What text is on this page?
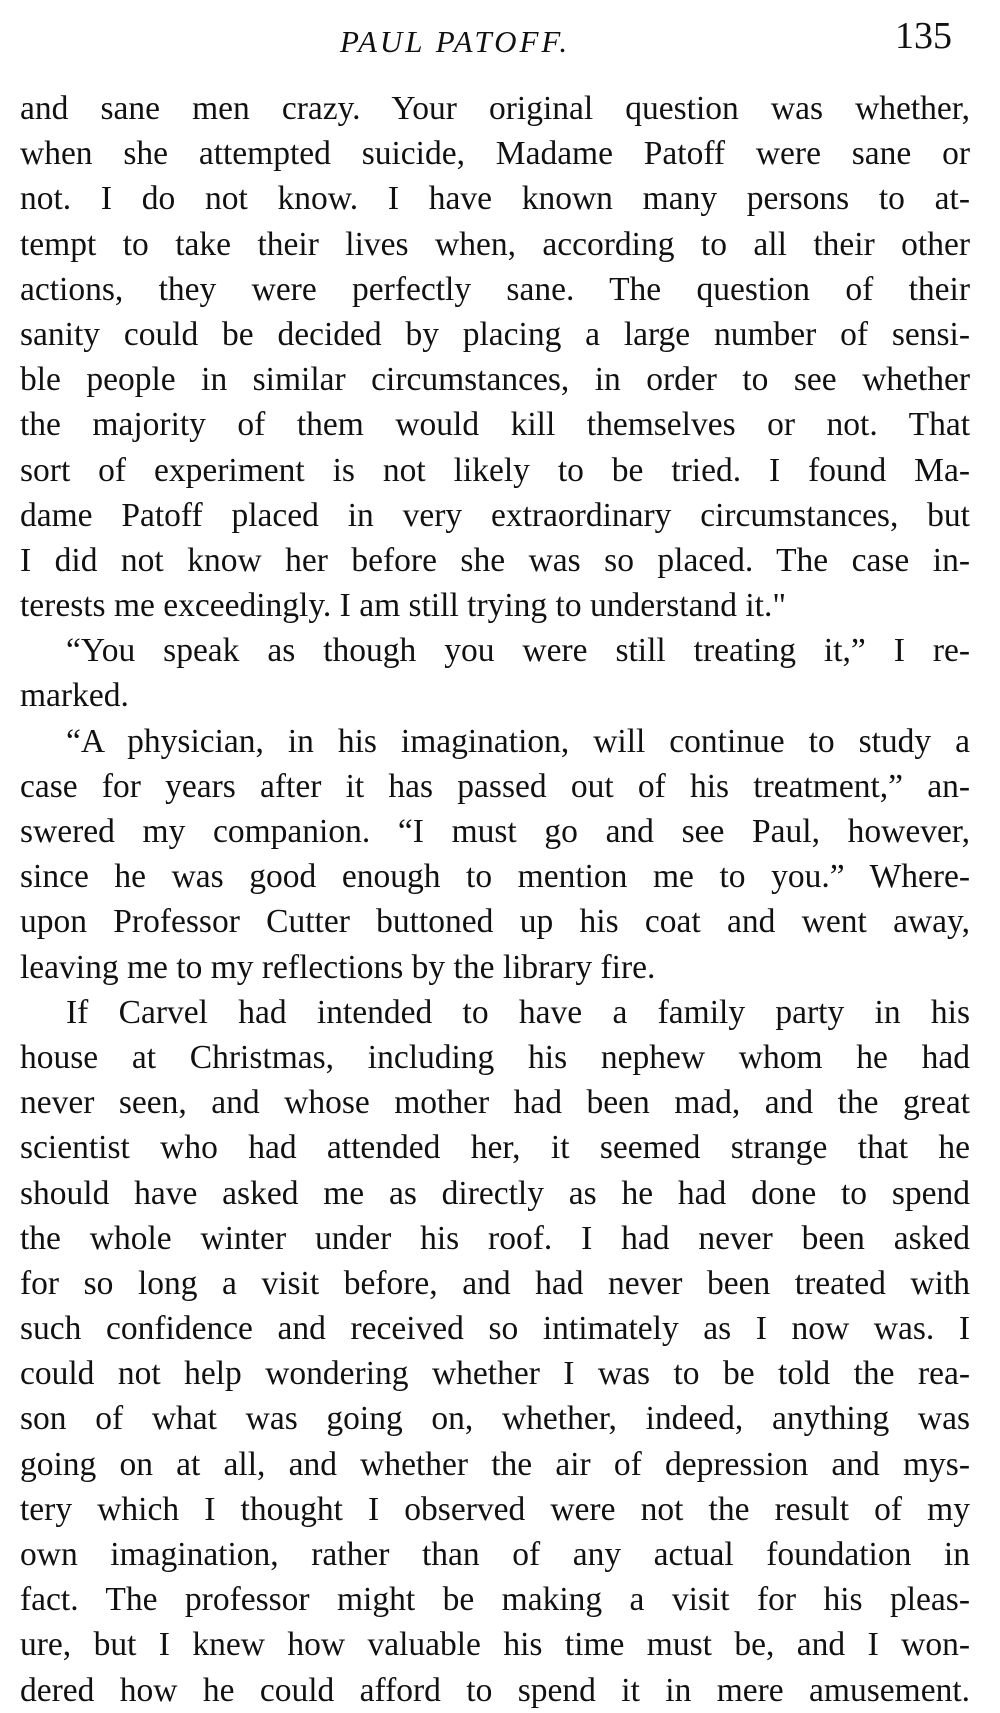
PAUL PATOFF.	135
and sane men crazy. Your original question was whether,
when she attempted suicide, Madame Patoff were sane or
not. I do not know. I have known many persons to at-
tempt to take their lives when, according to all their other
actions, they were perfectly sane. The question of their
sanity could be decided by placing a large number of sensi-
ble people in similar circumstances, in order to see whether
the majority of them would kill themselves or not. That
sort of experiment is not likely to be tried. I found Ma-
dame Patoff placed in very extraordinary circumstances, but
I did not know her before she was so placed. The case in-
terests me exceedingly. I am still trying to understand it."
“You speak as though you were still treating it,” I re-
marked.
“A physician, in his imagination, will continue to study a
case for years after it has passed out of his treatment,” an-
swered my companion. “I must go and see Paul, however,
since he was good enough to mention me to you.” Where-
upon Professor Cutter buttoned up his coat and went away,
leaving me to my reflections by the library fire.
If Carvel had intended to have a family party in his
house at Christmas, including his nephew whom he had
never seen, and whose mother had been mad, and the great
scientist who had attended her, it seemed strange that he
should have asked me as directly as he had done to spend
the whole winter under his roof. I had never been asked
for so long a visit before, and had never been treated with
such confidence and received so intimately as I now was. I
could not help wondering whether I was to be told the rea-
son of what was going on, whether, indeed, anything was
going on at all, and whether the air of depression and mys-
tery which I thought I observed were not the result of my
own imagination, rather than of any actual foundation in
fact. The professor might be making a visit for his pleas-
ure, but I knew how valuable his time must be, and I won-
dered how he could afford to spend it in mere amusement.
